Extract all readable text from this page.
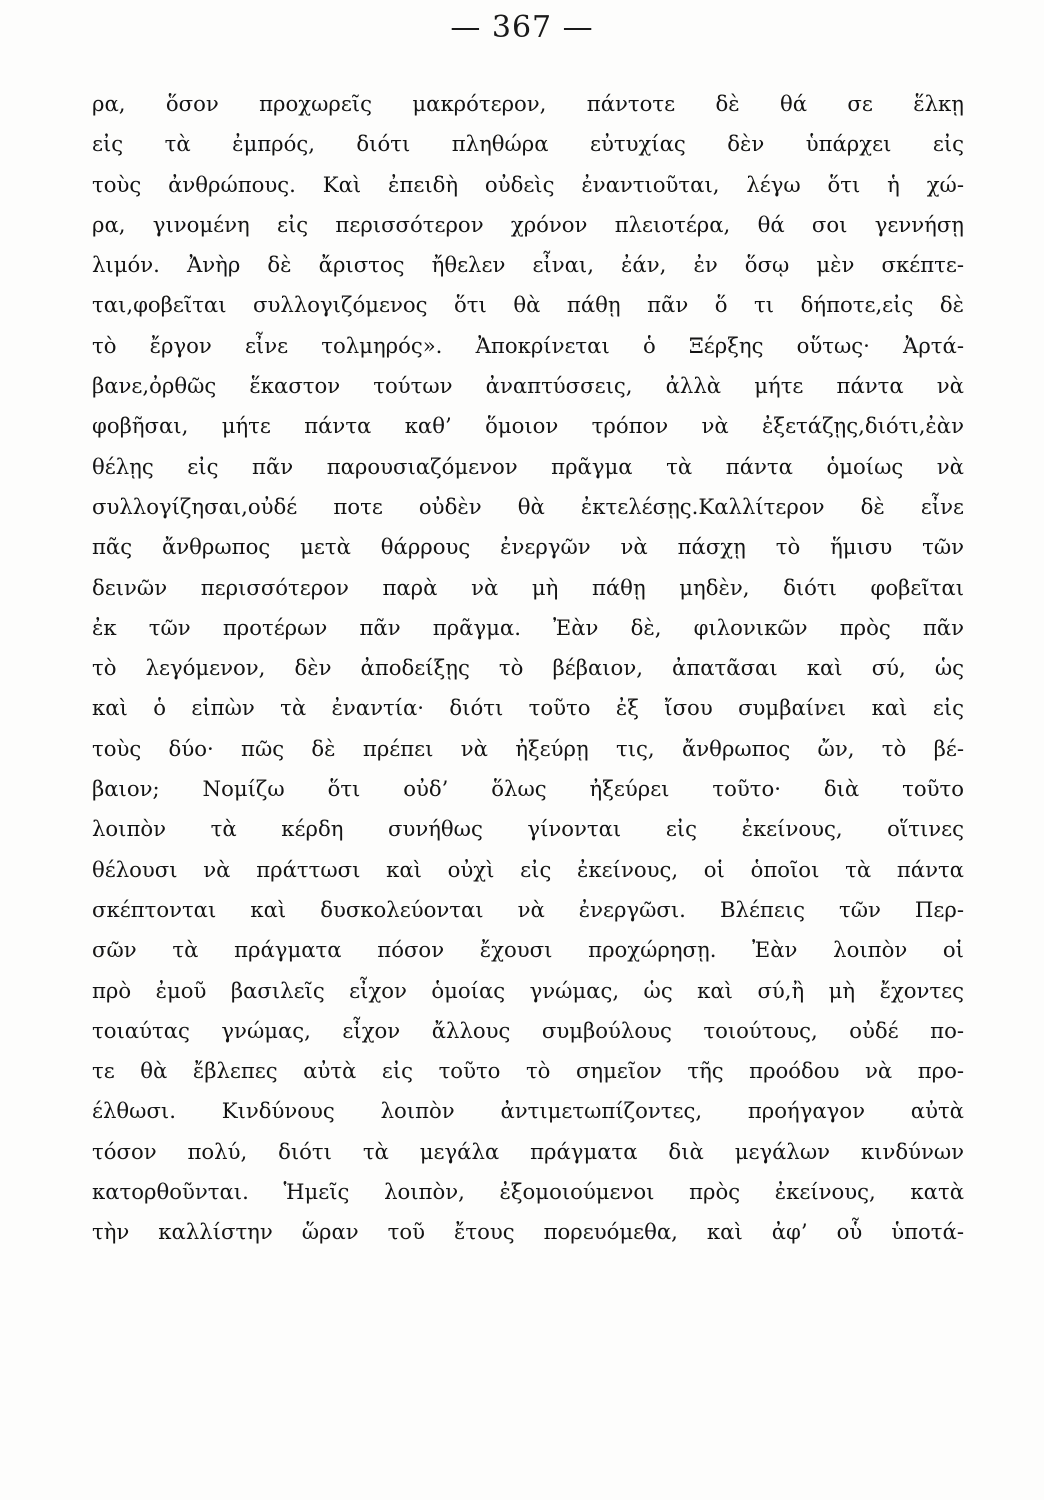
— 367 —
ρα, ὅσον προχωρεῖς μακρότερον, πάντοτε δὲ θά σε ἕλκῃ
εἰς τὰ ἐμπρός, διότι πληθώρα εὐτυχίας δὲν ὑπάρχει εἰς
τοὺς ἀνθρώπους. Καὶ ἐπειδὴ οὐδεὶς ἐναντιοῦται, λέγω ὅτι ἡ χώ-
ρα, γινομένη εἰς περισσότερον χρόνον πλειοτέρα, θά σοι γεννήσῃ
λιμόν. Ἀνὴρ δὲ ἄριστος ἤθελεν εἶναι, ἐάν, ἐν ὅσῳ μὲν σκέπτε-
ται,φοβεῖται συλλογιζόμενος ὅτι θὰ πάθῃ πᾶν ὅ τι δήποτε,εἰς δὲ
τὸ ἔργον εἶνε τολμηρός». Ἀποκρίνεται ὁ Ξέρξης οὕτως· Ἀρτά-
βανε,ὀρθῶς ἕκαστον τούτων ἀναπτύσσεις, ἀλλὰ μήτε πάντα νὰ
φοβῆσαι, μήτε πάντα καθ’ ὅμοιον τρόπον νὰ ἐξετάζῃς,διότι,ἐὰν
θέλῃς εἰς πᾶν παρουσιαζόμενον πρᾶγμα τὰ πάντα ὁμοίως νὰ
συλλογίζησαι,οὐδέ ποτε οὐδὲν θὰ ἐκτελέσῃς.Καλλίτερον δὲ εἶνε
πᾶς ἄνθρωπος μετὰ θάρρους ἐνεργῶν νὰ πάσχῃ τὸ ἥμισυ τῶν
δεινῶν περισσότερον παρὰ νὰ μὴ πάθῃ μηδὲν, διότι φοβεῖται
ἐκ τῶν προτέρων πᾶν πρᾶγμα. Ἐὰν δὲ, φιλονικῶν πρὸς πᾶν
τὸ λεγόμενον, δὲν ἀποδείξῃς τὸ βέβαιον, ἀπατᾶσαι καὶ σύ, ὡς
καὶ ὁ εἰπὼν τὰ ἐναντία· διότι τοῦτο ἐξ ἴσου συμβαίνει καὶ εἰς
τοὺς δύο· πῶς δὲ πρέπει νὰ ἠξεύρῃ τις, ἄνθρωπος ὤν, τὸ βέ-
βαιον; Νομίζω ὅτι οὐδ’ ὅλως ἠξεύρει τοῦτο· διὰ τοῦτο
λοιπὸν τὰ κέρδη συνήθως γίνονται εἰς ἐκείνους, οἵτινες
θέλουσι νὰ πράττωσι καὶ οὐχὶ εἰς ἐκείνους, οἱ ὁποῖοι τὰ πάντα
σκέπτονται καὶ δυσκολεύονται νὰ ἐνεργῶσι. Βλέπεις τῶν Περ-
σῶν τὰ πράγματα πόσον ἔχουσι προχώρησῃ. Ἐὰν λοιπὸν οἱ
πρὸ ἐμοῦ βασιλεῖς εἶχον ὁμοίας γνώμας, ὡς καὶ σύ,ἢ μὴ ἔχοντες
τοιαύτας γνώμας, εἶχον ἄλλους συμβούλους τοιούτους, οὐδέ πο-
τε θὰ ἔβλεπες αὐτὰ εἰς τοῦτο τὸ σημεῖον τῆς προόδου νὰ προ-
έλθωσι. Κινδύνους λοιπὸν ἀντιμετωπίζοντες, προήγαγον αὐτὰ
τόσον πολύ, διότι τὰ μεγάλα πράγματα διὰ μεγάλων κινδύνων
κατορθοῦνται. Ἡμεῖς λοιπὸν, ἐξομοιούμενοι πρὸς ἐκείνους, κατὰ
τὴν καλλίστην ὥραν τοῦ ἔτους πορευόμεθα, καὶ ἀφ’ οὗ ὑποτά-
